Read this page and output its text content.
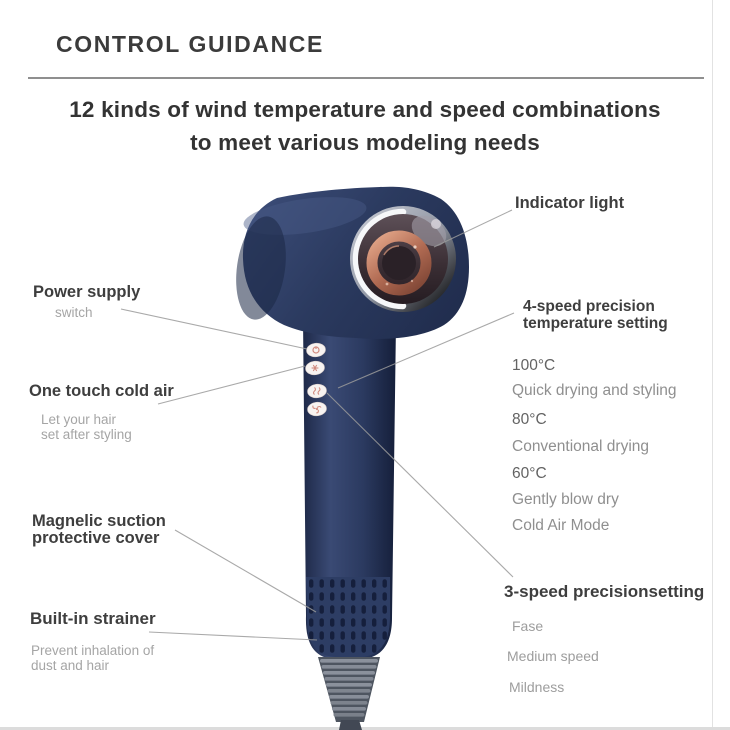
CONTROL GUIDANCE
12 kinds of wind temperature and speed combinations
to meet various modeling needs
Indicator light
4-speed precision
temperature setting
100°C
Quick drying and styling
80°C
Conventional drying
60°C
Gently blow dry
Cold Air Mode
3-speed precisionsetting
Fase
Medium speed
Mildness
Power supply
switch
One touch cold air
Let your hair
set after styling
Magnelic suction
protective cover
Built-in strainer
Prevent inhalation of
dust and hair
